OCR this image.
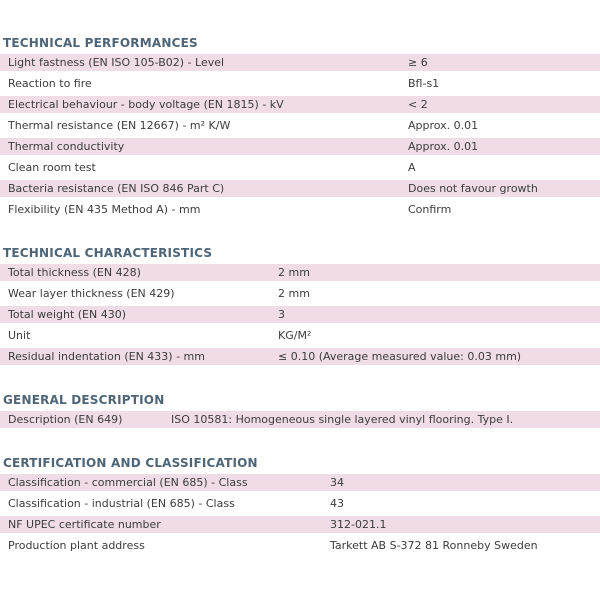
TECHNICAL PERFORMANCES
Light fastness (EN ISO 105-B02) - Level	≥ 6
Reaction to fire	Bfl-s1
Electrical behaviour - body voltage (EN 1815) - kV	< 2
Thermal resistance (EN 12667) - m² K/W	Approx. 0.01
Thermal conductivity	Approx. 0.01
Clean room test	A
Bacteria resistance (EN ISO 846 Part C)	Does not favour growth
Flexibility (EN 435 Method A) - mm	Confirm
TECHNICAL CHARACTERISTICS
Total thickness (EN 428)	2 mm
Wear layer thickness (EN 429)	2 mm
Total weight (EN 430)	3
Unit	KG/M²
Residual indentation (EN 433) - mm	≤ 0.10 (Average measured value: 0.03 mm)
GENERAL DESCRIPTION
Description (EN 649)	ISO 10581: Homogeneous single layered vinyl flooring. Type I.
CERTIFICATION AND CLASSIFICATION
Classification - commercial (EN 685) - Class	34
Classification - industrial (EN 685) - Class	43
NF UPEC certificate number	312-021.1
Production plant address	Tarkett AB S-372 81 Ronneby Sweden
